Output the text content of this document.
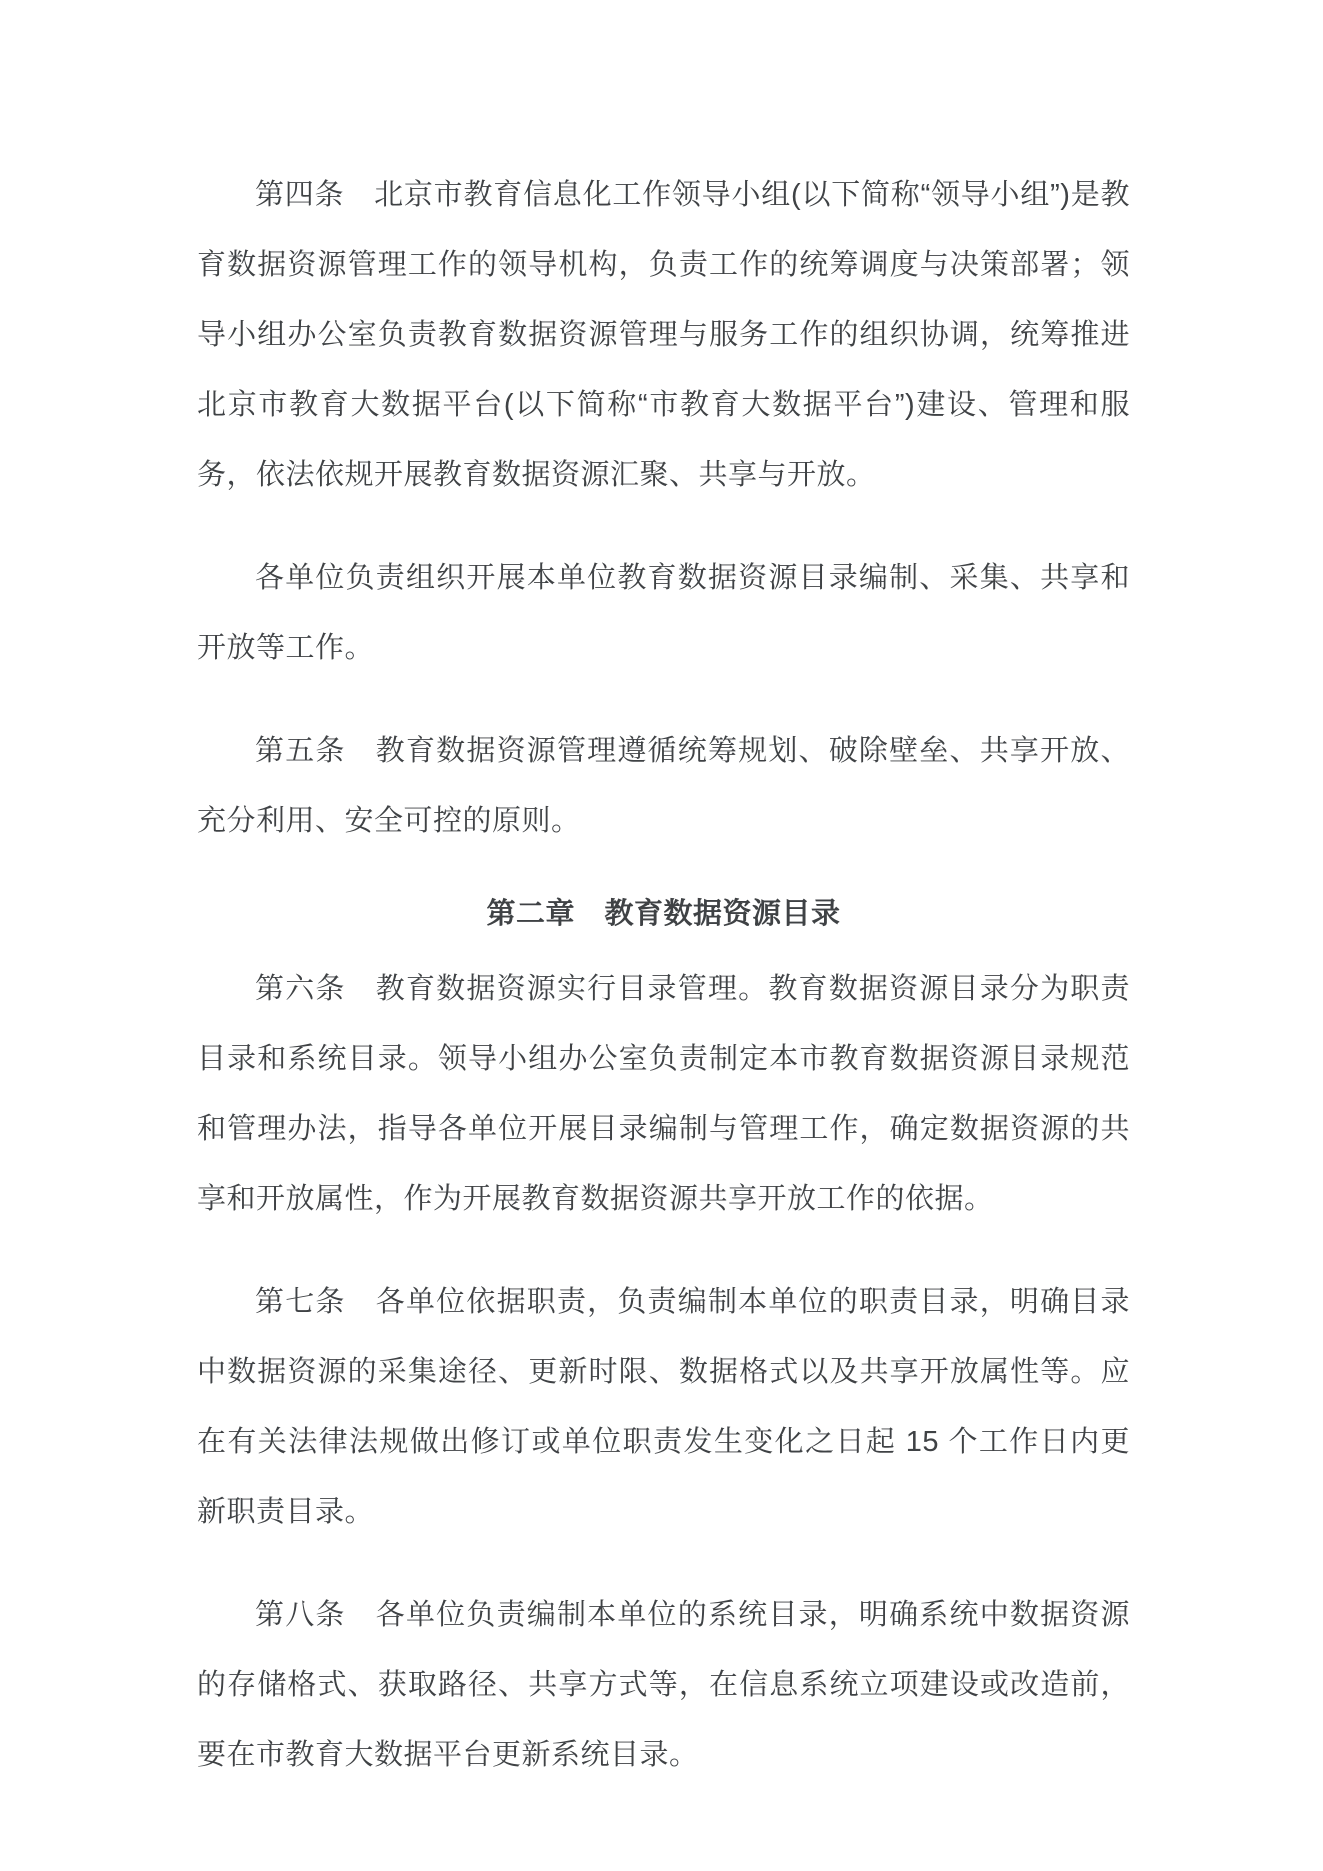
第四条　北京市教育信息化工作领导小组(以下简称“领导小组”)是教育数据资源管理工作的领导机构，负责工作的统筹调度与决策部署；领导小组办公室负责教育数据资源管理与服务工作的组织协调，统筹推进北京市教育大数据平台(以下简称“市教育大数据平台”)建设、管理和服务，依法依规开展教育数据资源汇聚、共享与开放。

各单位负责组织开展本单位教育数据资源目录编制、采集、共享和开放等工作。

第五条　教育数据资源管理遵循统筹规划、破除壁垒、共享开放、充分利用、安全可控的原则。

第二章　教育数据资源目录

第六条　教育数据资源实行目录管理。教育数据资源目录分为职责目录和系统目录。领导小组办公室负责制定本市教育数据资源目录规范和管理办法，指导各单位开展目录编制与管理工作，确定数据资源的共享和开放属性，作为开展教育数据资源共享开放工作的依据。

第七条　各单位依据职责，负责编制本单位的职责目录，明确目录中数据资源的采集途径、更新时限、数据格式以及共享开放属性等。应在有关法律法规做出修订或单位职责发生变化之日起 15 个工作日内更新职责目录。

第八条　各单位负责编制本单位的系统目录，明确系统中数据资源的存储格式、获取路径、共享方式等，在信息系统立项建设或改造前，要在市教育大数据平台更新系统目录。
